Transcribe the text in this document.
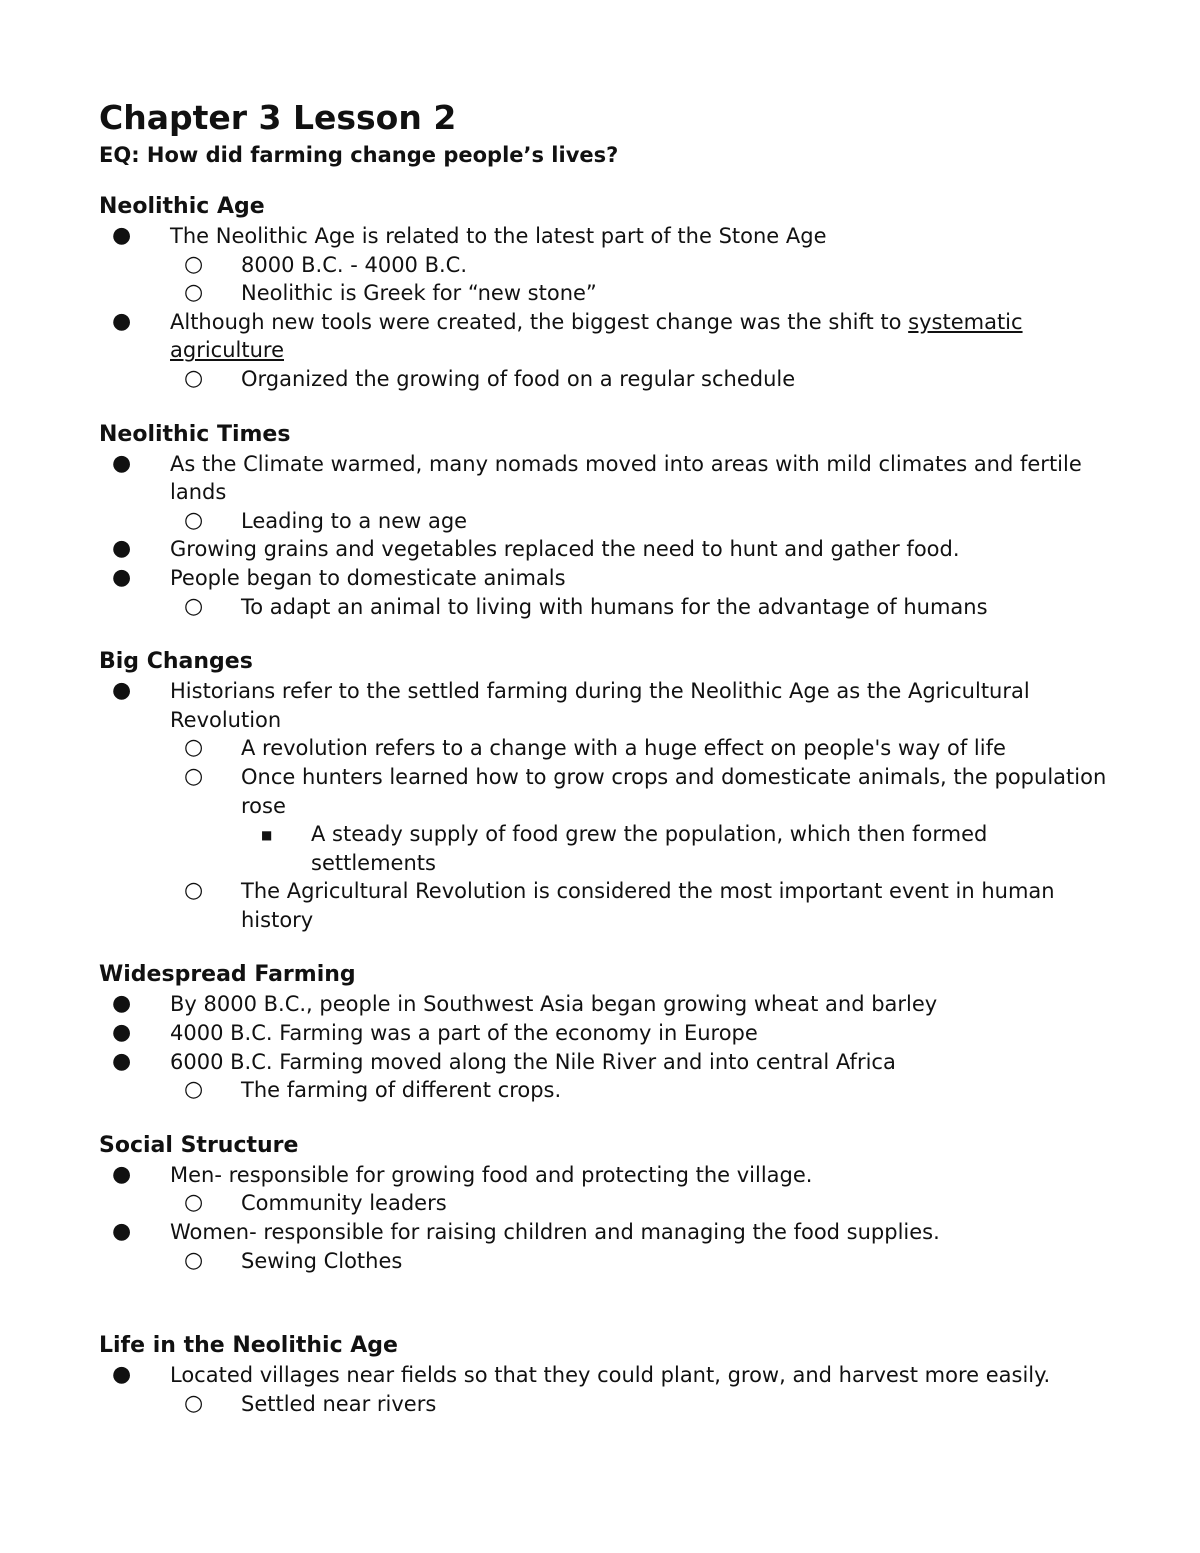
Chapter 3 Lesson 2

EQ: How did farming change people’s lives?

Neolithic Age
● The Neolithic Age is related to the latest part of the Stone Age
○ 8000 B.C. - 4000 B.C.
○ Neolithic is Greek for “new stone”
● Although new tools were created, the biggest change was the shift to systematic agriculture
○ Organized the growing of food on a regular schedule
Neolithic Times
● As the Climate warmed, many nomads moved into areas with mild climates and fertile lands
○ Leading to a new age
● Growing grains and vegetables replaced the need to hunt and gather food.
● People began to domesticate animals
○ To adapt an animal to living with humans for the advantage of humans
Big Changes
● Historians refer to the settled farming during the Neolithic Age as the Agricultural Revolution
○ A revolution refers to a change with a huge effect on people's way of life
○ Once hunters learned how to grow crops and domesticate animals, the population rose
■ A steady supply of food grew the population, which then formed settlements
○ The Agricultural Revolution is considered the most important event in human history
Widespread Farming
● By 8000 B.C., people in Southwest Asia began growing wheat and barley
● 4000 B.C. Farming was a part of the economy in Europe
● 6000 B.C. Farming moved along the Nile River and into central Africa
○ The farming of different crops.
Social Structure
● Men- responsible for growing food and protecting the village.
○ Community leaders
● Women- responsible for raising children and managing the food supplies.
○ Sewing Clothes
Life in the Neolithic Age
● Located villages near fields so that they could plant, grow, and harvest more easily.
○ Settled near rivers
